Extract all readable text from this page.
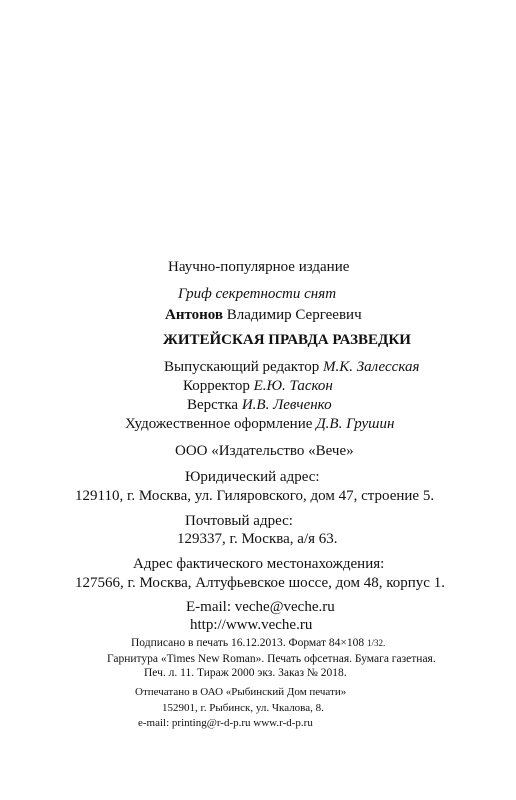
Научно-популярное издание
Гриф секретности снят
Антонов Владимир Сергеевич
ЖИТЕЙСКАЯ ПРАВДА РАЗВЕДКИ
Выпускающий редактор М.К. Залесская
Корректор Е.Ю. Таскон
Верстка И.В. Левченко
Художественное оформление Д.В. Грушин
ООО «Издательство «Вече»
Юридический адрес:
129110, г. Москва, ул. Гиляровского, дом 47, строение 5.
Почтовый адрес:
129337, г. Москва, а/я 63.
Адрес фактического местонахождения:
127566, г. Москва, Алтуфьевское шоссе, дом 48, корпус 1.
E-mail: veche@veche.ru
http://www.veche.ru
Подписано в печать 16.12.2013. Формат 84×108 1/32.
Гарнитура «Times New Roman». Печать офсетная. Бумага газетная.
Печ. л. 11. Тираж 2000 экз. Заказ № 2018.
Отпечатано в ОАО «Рыбинский Дом печати»
152901, г. Рыбинск, ул. Чкалова, 8.
e-mail: printing@r-d-p.ru www.r-d-p.ru
